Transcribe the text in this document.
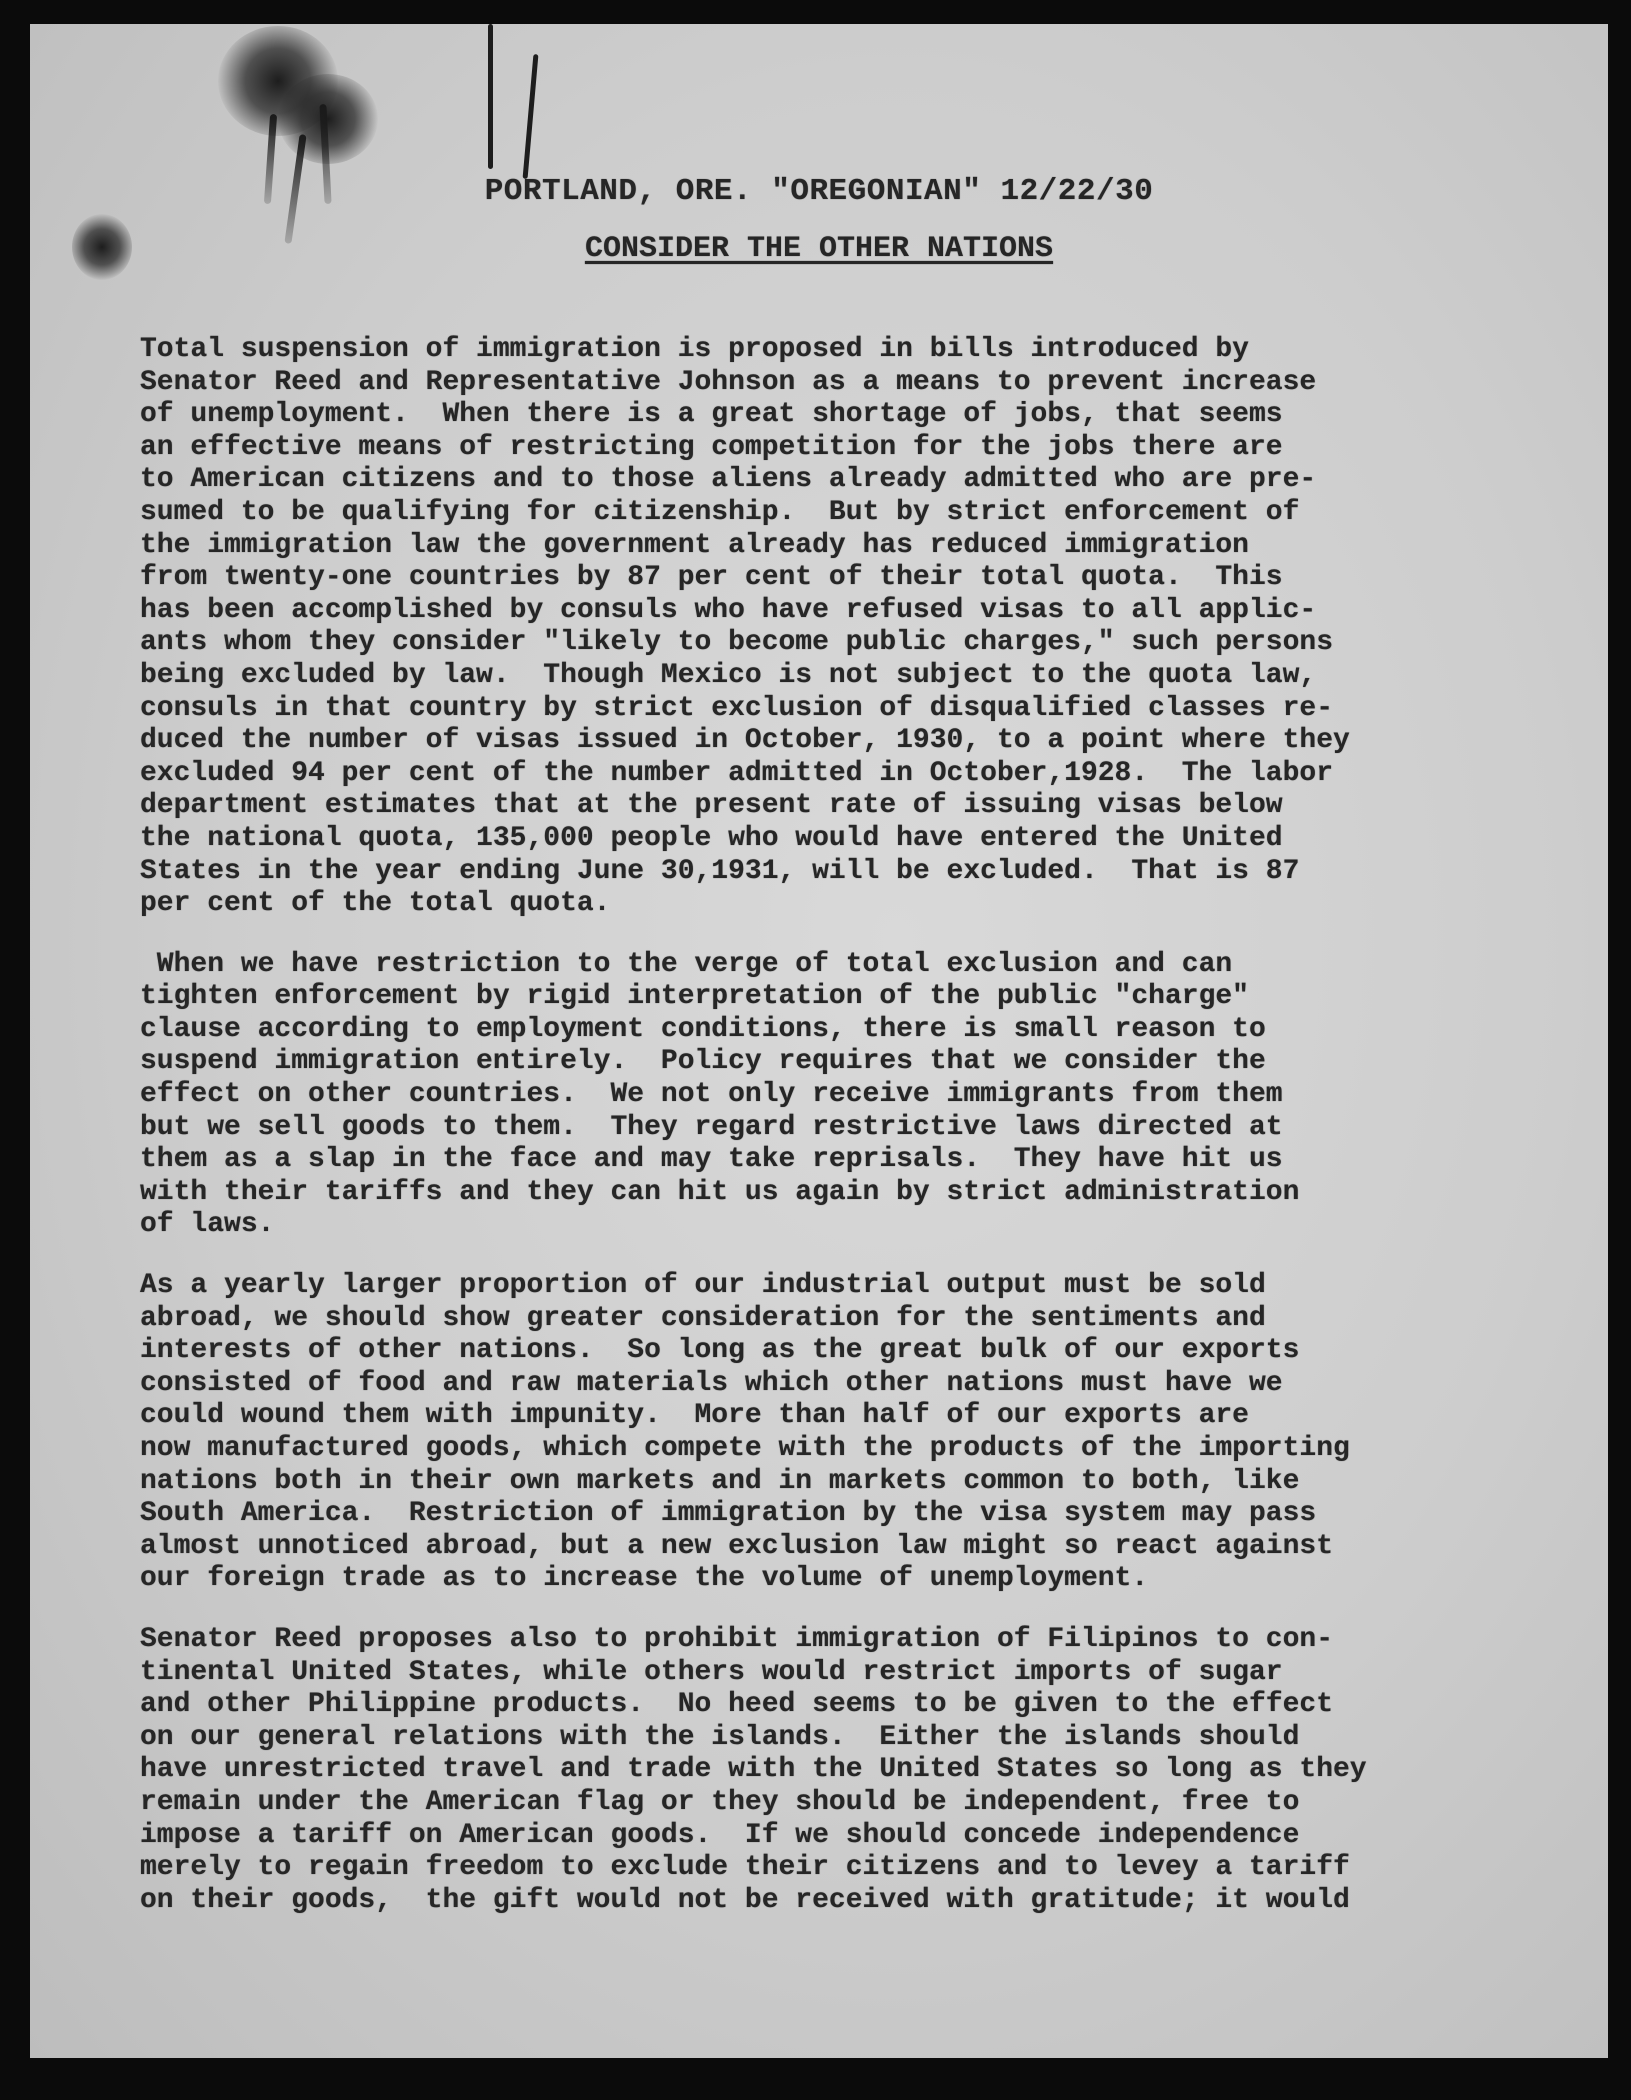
PORTLAND, ORE. "OREGONIAN" 12/22/30
CONSIDER THE OTHER NATIONS
Total suspension of immigration is proposed in bills introduced by
Senator Reed and Representative Johnson as a means to prevent increase
of unemployment.  When there is a great shortage of jobs, that seems
an effective means of restricting competition for the jobs there are
to American citizens and to those aliens already admitted who are pre-
sumed to be qualifying for citizenship.  But by strict enforcement of
the immigration law the government already has reduced immigration
from twenty-one countries by 87 per cent of their total quota.  This
has been accomplished by consuls who have refused visas to all applic-
ants whom they consider "likely to become public charges," such persons
being excluded by law.  Though Mexico is not subject to the quota law,
consuls in that country by strict exclusion of disqualified classes re-
duced the number of visas issued in October, 1930, to a point where they
excluded 94 per cent of the number admitted in October,1928.  The labor
department estimates that at the present rate of issuing visas below
the national quota, 135,000 people who would have entered the United
States in the year ending June 30,1931, will be excluded.  That is 87
per cent of the total quota.
When we have restriction to the verge of total exclusion and can
tighten enforcement by rigid interpretation of the public "charge"
clause according to employment conditions, there is small reason to
suspend immigration entirely.  Policy requires that we consider the
effect on other countries.  We not only receive immigrants from them
but we sell goods to them.  They regard restrictive laws directed at
them as a slap in the face and may take reprisals.  They have hit us
with their tariffs and they can hit us again by strict administration
of laws.
As a yearly larger proportion of our industrial output must be sold
abroad, we should show greater consideration for the sentiments and
interests of other nations.  So long as the great bulk of our exports
consisted of food and raw materials which other nations must have we
could wound them with impunity.  More than half of our exports are
now manufactured goods, which compete with the products of the importing
nations both in their own markets and in markets common to both, like
South America.  Restriction of immigration by the visa system may pass
almost unnoticed abroad, but a new exclusion law might so react against
our foreign trade as to increase the volume of unemployment.
Senator Reed proposes also to prohibit immigration of Filipinos to con-
tinental United States, while others would restrict imports of sugar
and other Philippine products.  No heed seems to be given to the effect
on our general relations with the islands.  Either the islands should
have unrestricted travel and trade with the United States so long as they
remain under the American flag or they should be independent, free to
impose a tariff on American goods.  If we should concede independence
merely to regain freedom to exclude their citizens and to levey a tariff
on their goods,  the gift would not be received with gratitude; it would
